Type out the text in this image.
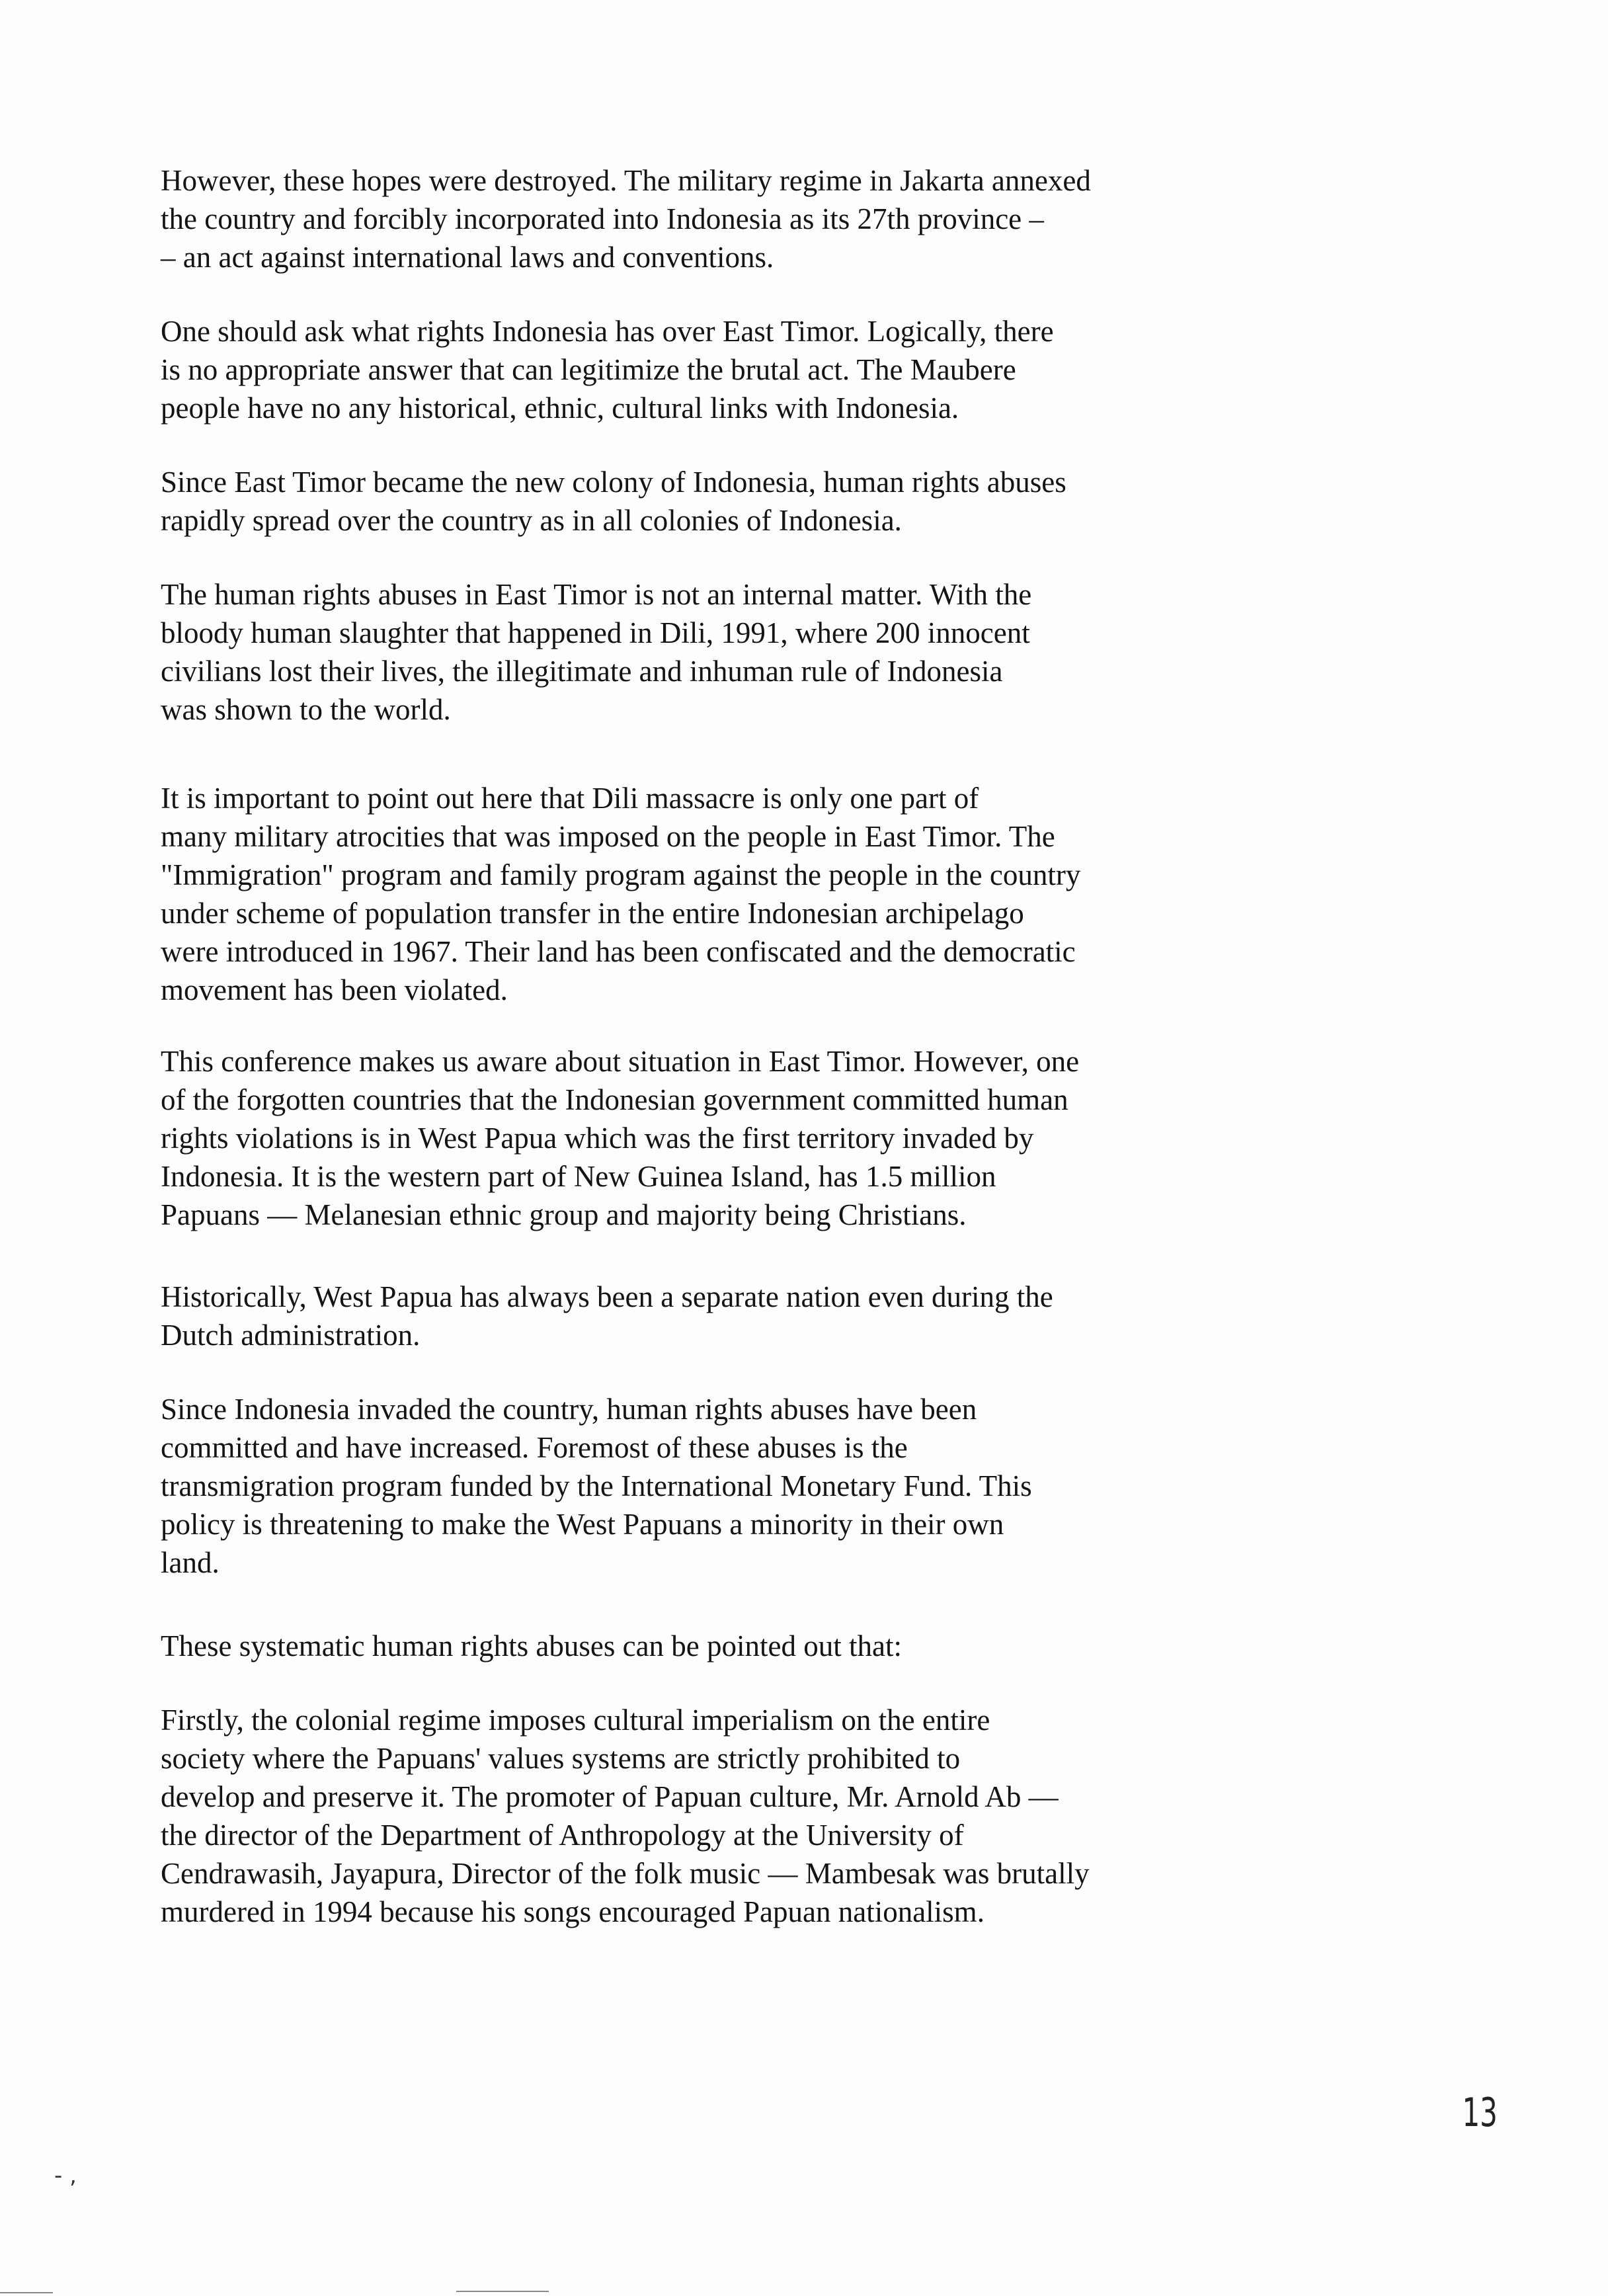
However, these hopes were destroyed. The military regime in Jakarta annexed
the country and forcibly incorporated into Indonesia as its 27th province –
– an act against international laws and conventions.

One should ask what rights Indonesia has over East Timor. Logically, there
is no appropriate answer that can legitimize the brutal act. The Maubere
people have no any historical, ethnic, cultural links with Indonesia.

Since East Timor became the new colony of Indonesia, human rights abuses
rapidly spread over the country as in all colonies of Indonesia.

The human rights abuses in East Timor is not an internal matter. With the
bloody human slaughter that happened in Dili, 1991, where 200 innocent
civilians lost their lives, the illegitimate and inhuman rule of Indonesia
was shown to the world.

It is important to point out here that Dili massacre is only one part of
many military atrocities that was imposed on the people in East Timor. The
"Immigration" program and family program against the people in the country
under scheme of population transfer in the entire Indonesian archipelago
were introduced in 1967. Their land has been confiscated and the democratic
movement has been violated.

This conference makes us aware about situation in East Timor. However, one
of the forgotten countries that the Indonesian government committed human
rights violations is in West Papua which was the first territory invaded by
Indonesia. It is the western part of New Guinea Island, has 1.5 million
Papuans –– Melanesian ethnic group and majority being Christians.

Historically, West Papua has always been a separate nation even during the
Dutch administration.

Since Indonesia invaded the country, human rights abuses have been
committed and have increased. Foremost of these abuses is the
transmigration program funded by the International Monetary Fund. This
policy is threatening to make the West Papuans a minority in their own
land.

These systematic human rights abuses can be pointed out that:

Firstly, the colonial regime imposes cultural imperialism on the entire
society where the Papuans' values systems are strictly prohibited to
develop and preserve it. The promoter of Papuan culture, Mr. Arnold Ab ––
the director of the Department of Anthropology at the University of
Cendrawasih, Jayapura, Director of the folk music –– Mambesak was brutally
murdered in 1994 because his songs encouraged Papuan nationalism.

13
- ,
